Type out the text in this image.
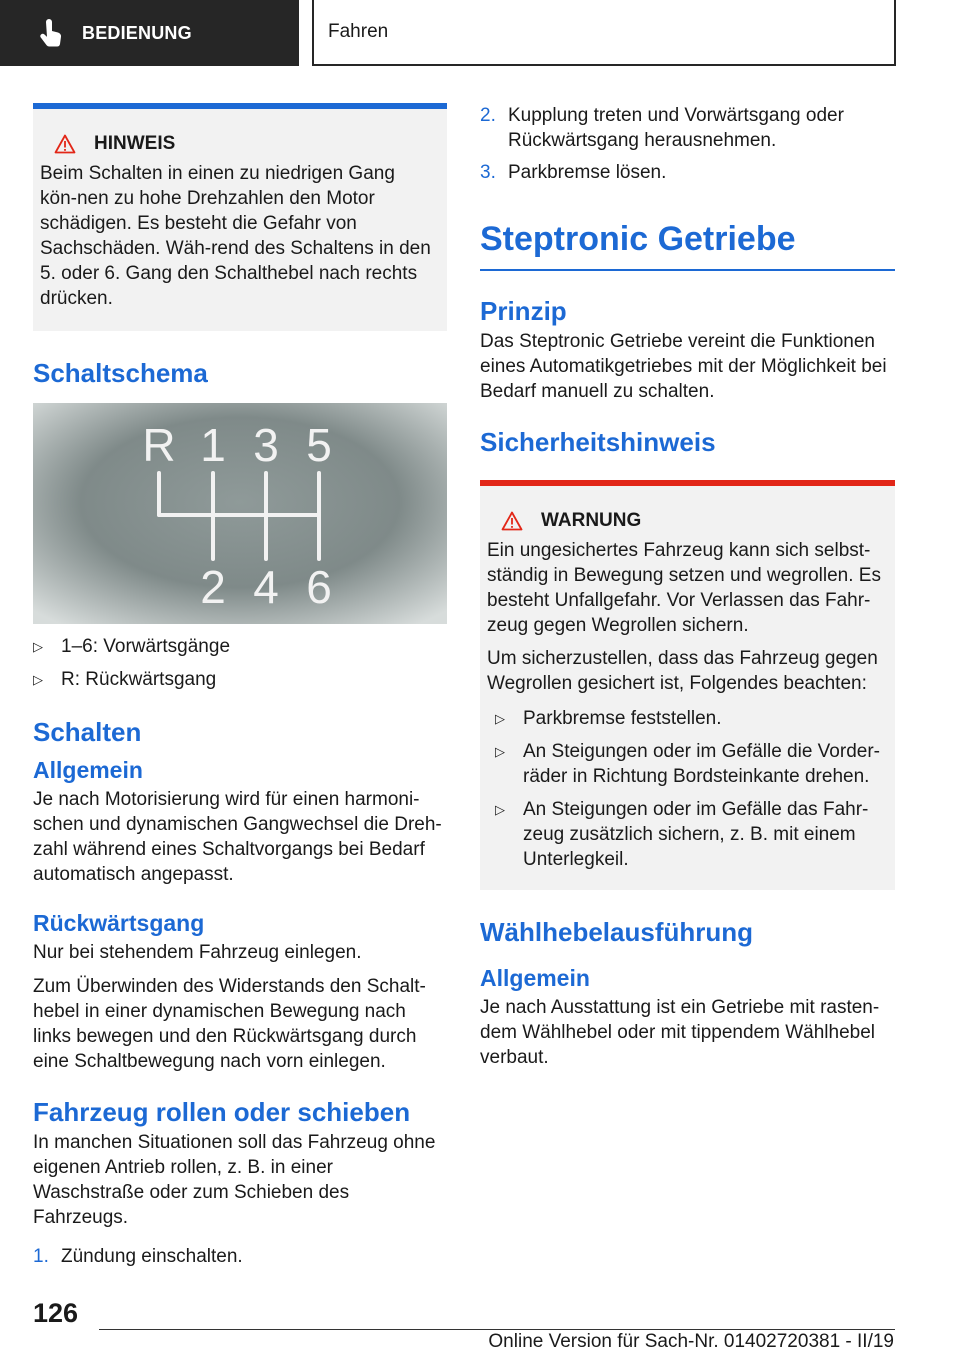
BEDIENUNG	Fahren
HINWEIS

Beim Schalten in einen zu niedrigen Gang kön-nen zu hohe Drehzahlen den Motor schädigen. Es besteht die Gefahr von Sachschäden. Wäh-rend des Schaltens in den 5. oder 6. Gang den Schalthebel nach rechts drücken.

Schaltschema
R 1 3 5
2 4 6
▷ 1–6: Vorwärtsgänge
▷ R: Rückwärtsgang
Schalten
Allgemein

Je nach Motorisierung wird für einen harmoni-schen und dynamischen Gangwechsel die Dreh-zahl während eines Schaltvorgangs bei Bedarf automatisch angepasst.

Rückwärtsgang

Nur bei stehendem Fahrzeug einlegen.

Zum Überwinden des Widerstands den Schalt-hebel in einer dynamischen Bewegung nach links bewegen und den Rückwärtsgang durch eine Schaltbewegung nach vorn einlegen.

Fahrzeug rollen oder schieben

In manchen Situationen soll das Fahrzeug ohne eigenen Antrieb rollen, z. B. in einer Waschstraße oder zum Schieben des Fahrzeugs.

1. Zündung einschalten.
2. Kupplung treten und Vorwärtsgang oder Rückwärtsgang herausnehmen.
3. Parkbremse lösen.
Steptronic Getriebe
Prinzip

Das Steptronic Getriebe vereint die Funktionen eines Automatikgetriebes mit der Möglichkeit bei Bedarf manuell zu schalten.

Sicherheitshinweis
WARNUNG

Ein ungesichertes Fahrzeug kann sich selbst-ständig in Bewegung setzen und wegrollen. Es besteht Unfallgefahr. Vor Verlassen das Fahr-zeug gegen Wegrollen sichern.

Um sicherzustellen, dass das Fahrzeug gegen Wegrollen gesichert ist, Folgendes beachten:

▷ Parkbremse feststellen.
▷ An Steigungen oder im Gefälle die Vorder-räder in Richtung Bordsteinkante drehen.
▷ An Steigungen oder im Gefälle das Fahr-zeug zusätzlich sichern, z. B. mit einem Unterlegkeil.
Wählhebelausführung
Allgemein

Je nach Ausstattung ist ein Getriebe mit rasten-dem Wählhebel oder mit tippendem Wählhebel verbaut.

126
Online Version für Sach-Nr. 01402720381 - II/19
